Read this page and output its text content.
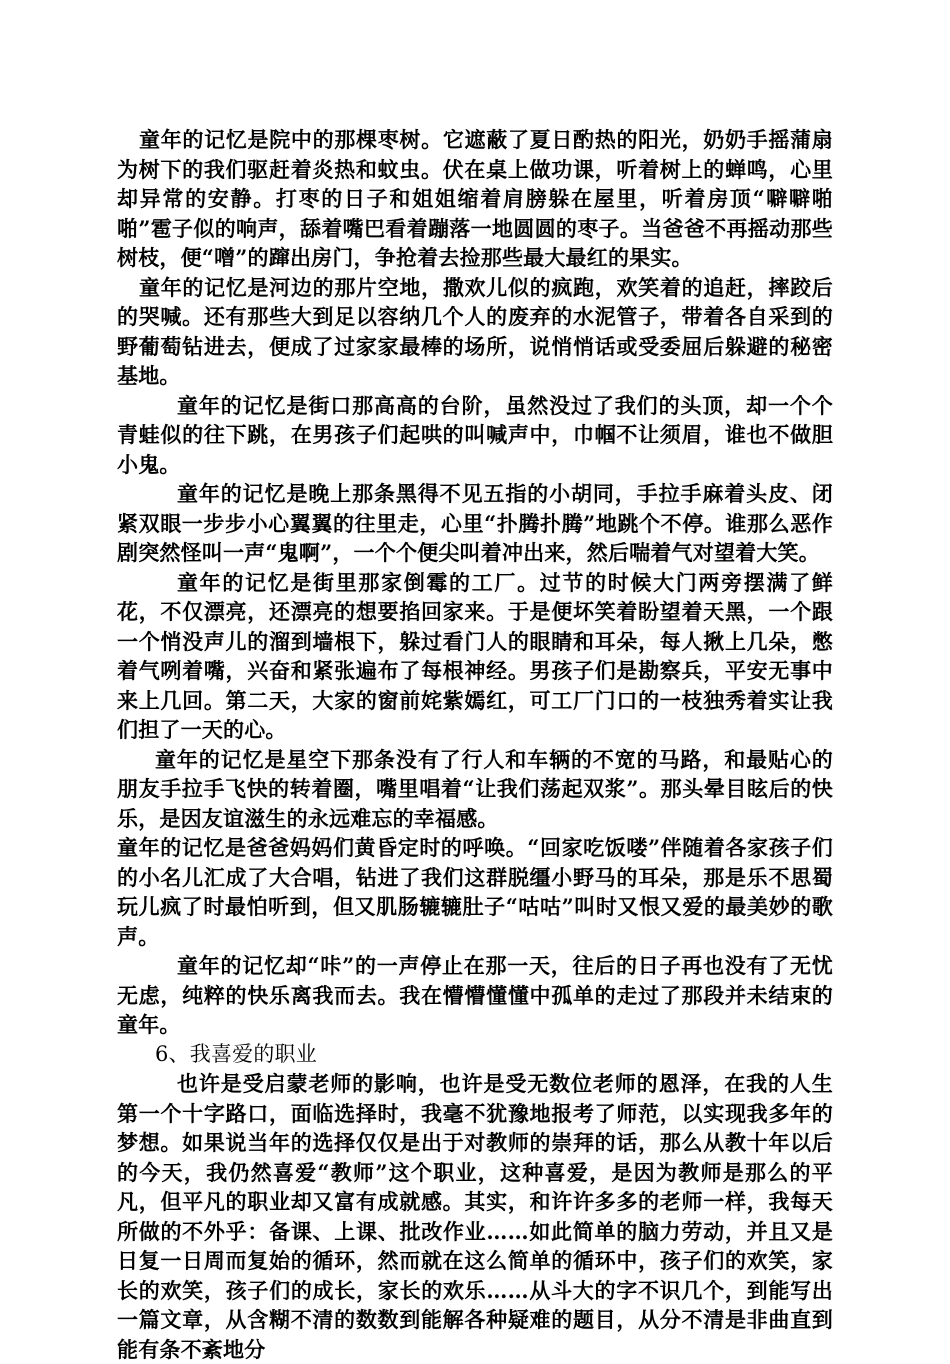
童年的记忆是院中的那棵枣树。它遮蔽了夏日酌热的阳光，奶奶手摇蒲扇为树下的我们驱赶着炎热和蚊虫。伏在桌上做功课，听着树上的蝉鸣，心里却异常的安静。打枣的日子和姐姐缩着肩膀躲在屋里，听着房顶“噼噼啪啪”雹子似的响声，舔着嘴巴看着蹦落一地圆圆的枣子。当爸爸不再摇动那些树枝，便“噌”的蹿出房门，争抢着去捡那些最大最红的果实。

童年的记忆是河边的那片空地，撒欢儿似的疯跑，欢笑着的追赶，摔跤后的哭喊。还有那些大到足以容纳几个人的废弃的水泥管子，带着各自采到的野葡萄钻进去，便成了过家家最棒的场所，说悄悄话或受委屈后躲避的秘密基地。

童年的记忆是街口那高高的台阶，虽然没过了我们的头顶，却一个个青蛙似的往下跳，在男孩子们起哄的叫喊声中，巾帼不让须眉，谁也不做胆小鬼。

童年的记忆是晚上那条黑得不见五指的小胡同，手拉手麻着头皮、闭紧双眼一步步小心翼翼的往里走，心里“扑腾扑腾”地跳个不停。谁那么恶作剧突然怪叫一声“鬼啊”，一个个便尖叫着冲出来，然后喘着气对望着大笑。

童年的记忆是街里那家倒霉的工厂。过节的时候大门两旁摆满了鲜花，不仅漂亮，还漂亮的想要掐回家来。于是便坏笑着盼望着天黑，一个跟一个悄没声儿的溜到墙根下，躲过看门人的眼睛和耳朵，每人揪上几朵，憋着气咧着嘴，兴奋和紧张遍布了每根神经。男孩子们是勘察兵，平安无事中来上几回。第二天，大家的窗前姹紫嫣红，可工厂门口的一枝独秀着实让我们担了一天的心。

童年的记忆是星空下那条没有了行人和车辆的不宽的马路，和最贴心的朋友手拉手飞快的转着圈，嘴里唱着“让我们荡起双浆”。那头晕目眩后的快乐，是因友谊滋生的永远难忘的幸福感。

童年的记忆是爸爸妈妈们黄昏定时的呼唤。“回家吃饭喽”伴随着各家孩子们的小名儿汇成了大合唱，钻进了我们这群脱缰小野马的耳朵，那是乐不思蜀玩儿疯了时最怕听到，但又肌肠辘辘肚子“咕咕”叫时又恨又爱的最美妙的歌声。

童年的记忆却“咔”的一声停止在那一天，往后的日子再也没有了无忧无虑，纯粹的快乐离我而去。我在懵懵懂懂中孤单的走过了那段并未结束的童年。

6、我喜爱的职业

也许是受启蒙老师的影响，也许是受无数位老师的恩泽，在我的人生第一个十字路口，面临选择时，我毫不犹豫地报考了师范，以实现我多年的梦想。如果说当年的选择仅仅是出于对教师的崇拜的话，那么从教十年以后的今天，我仍然喜爱“教师”这个职业，这种喜爱，是因为教师是那么的平凡，但平凡的职业却又富有成就感。其实，和许许多多的老师一样，我每天所做的不外乎：备课、上课、批改作业……如此简单的脑力劳动，并且又是日复一日周而复始的循环，然而就在这么简单的循环中，孩子们的欢笑，家长的欢笑，孩子们的成长，家长的欢乐……从斗大的字不识几个，到能写出一篇文章，从含糊不清的数数到能解各种疑难的题目，从分不清是非曲直到能有条不紊地分
